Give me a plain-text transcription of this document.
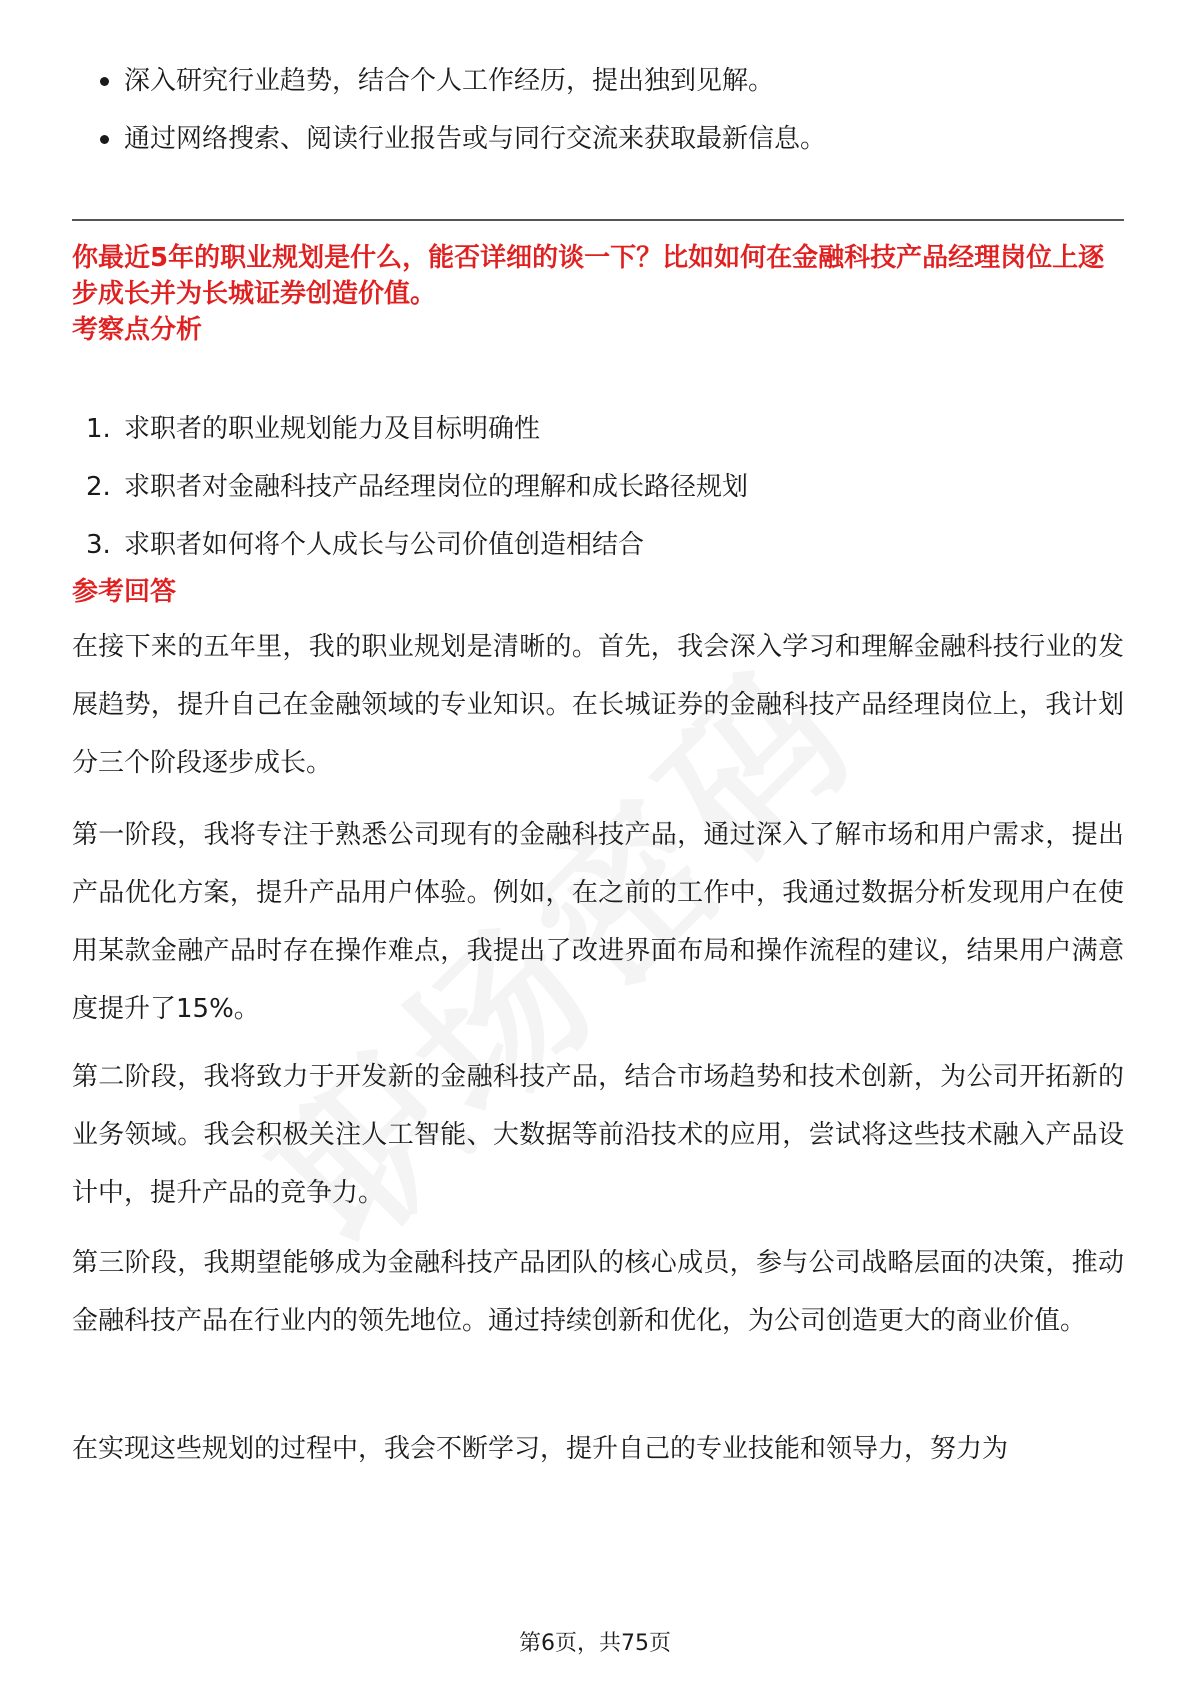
深入研究行业趋势，结合个人工作经历，提出独到见解。
通过网络搜索、阅读行业报告或与同行交流来获取最新信息。

你最近5年的职业规划是什么，能否详细的谈一下？比如如何在金融科技产品经理岗位上逐步成长并为长城证券创造价值。

考察点分析
1. 求职者的职业规划能力及目标明确性
2. 求职者对金融科技产品经理岗位的理解和成长路径规划
3. 求职者如何将个人成长与公司价值创造相结合
参考回答

在接下来的五年里，我的职业规划是清晰的。首先，我会深入学习和理解金融科技行业的发展趋势，提升自己在金融领域的专业知识。在长城证券的金融科技产品经理岗位上，我计划分三个阶段逐步成长。

第一阶段，我将专注于熟悉公司现有的金融科技产品，通过深入了解市场和用户需求，提出产品优化方案，提升产品用户体验。例如，在之前的工作中，我通过数据分析发现用户在使用某款金融产品时存在操作难点，我提出了改进界面布局和操作流程的建议，结果用户满意度提升了15%。

第二阶段，我将致力于开发新的金融科技产品，结合市场趋势和技术创新，为公司开拓新的业务领域。我会积极关注人工智能、大数据等前沿技术的应用，尝试将这些技术融入产品设计中，提升产品的竞争力。

第三阶段，我期望能够成为金融科技产品团队的核心成员，参与公司战略层面的决策，推动金融科技产品在行业内的领先地位。通过持续创新和优化，为公司创造更大的商业价值。

在实现这些规划的过程中，我会不断学习，提升自己的专业技能和领导力，努力为

第6页，共75页
